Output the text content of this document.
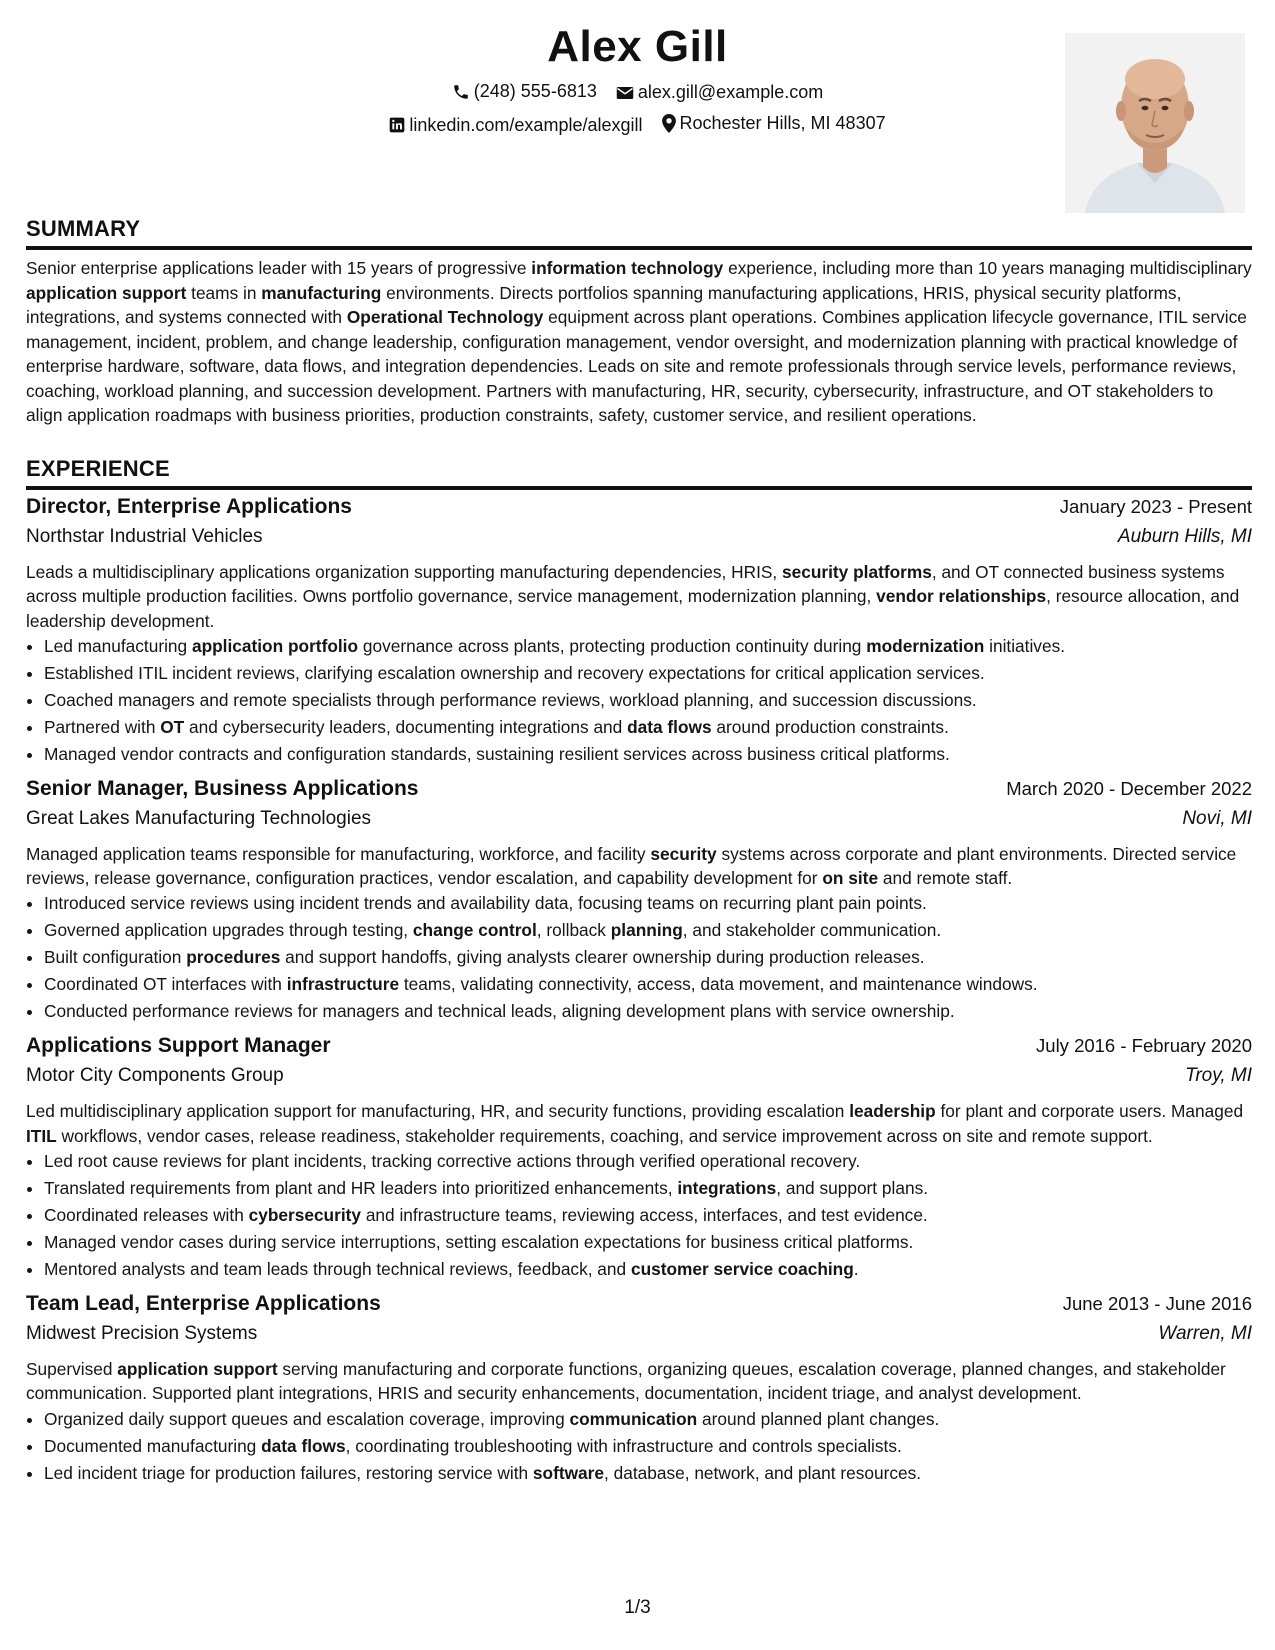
Alex Gill
(248) 555-6813
alex.gill@example.com
linkedin.com/example/alexgill
Rochester Hills, MI 48307
SUMMARY

Senior enterprise applications leader with 15 years of progressive information technology experience, including more than 10 years managing multidisciplinary application support teams in manufacturing environments. Directs portfolios spanning manufacturing applications, HRIS, physical security platforms, integrations, and systems connected with Operational Technology equipment across plant operations. Combines application lifecycle governance, ITIL service management, incident, problem, and change leadership, configuration management, vendor oversight, and modernization planning with practical knowledge of enterprise hardware, software, data flows, and integration dependencies. Leads on site and remote professionals through service levels, performance reviews, coaching, workload planning, and succession development. Partners with manufacturing, HR, security, cybersecurity, infrastructure, and OT stakeholders to align application roadmaps with business priorities, production constraints, safety, customer service, and resilient operations.

EXPERIENCE
Director, Enterprise Applications	January 2023 - Present
Northstar Industrial Vehicles	Auburn Hills, MI

Leads a multidisciplinary applications organization supporting manufacturing dependencies, HRIS, security platforms, and OT connected business systems across multiple production facilities. Owns portfolio governance, service management, modernization planning, vendor relationships, resource allocation, and leadership development.

• Led manufacturing application portfolio governance across plants, protecting production continuity during modernization initiatives.
• Established ITIL incident reviews, clarifying escalation ownership and recovery expectations for critical application services.
• Coached managers and remote specialists through performance reviews, workload planning, and succession discussions.
• Partnered with OT and cybersecurity leaders, documenting integrations and data flows around production constraints.
• Managed vendor contracts and configuration standards, sustaining resilient services across business critical platforms.
Senior Manager, Business Applications	March 2020 - December 2022
Great Lakes Manufacturing Technologies	Novi, MI

Managed application teams responsible for manufacturing, workforce, and facility security systems across corporate and plant environments. Directed service reviews, release governance, configuration practices, vendor escalation, and capability development for on site and remote staff.

• Introduced service reviews using incident trends and availability data, focusing teams on recurring plant pain points.
• Governed application upgrades through testing, change control, rollback planning, and stakeholder communication.
• Built configuration procedures and support handoffs, giving analysts clearer ownership during production releases.
• Coordinated OT interfaces with infrastructure teams, validating connectivity, access, data movement, and maintenance windows.
• Conducted performance reviews for managers and technical leads, aligning development plans with service ownership.
Applications Support Manager	July 2016 - February 2020
Motor City Components Group	Troy, MI

Led multidisciplinary application support for manufacturing, HR, and security functions, providing escalation leadership for plant and corporate users. Managed ITIL workflows, vendor cases, release readiness, stakeholder requirements, coaching, and service improvement across on site and remote support.

• Led root cause reviews for plant incidents, tracking corrective actions through verified operational recovery.
• Translated requirements from plant and HR leaders into prioritized enhancements, integrations, and support plans.
• Coordinated releases with cybersecurity and infrastructure teams, reviewing access, interfaces, and test evidence.
• Managed vendor cases during service interruptions, setting escalation expectations for business critical platforms.
• Mentored analysts and team leads through technical reviews, feedback, and customer service coaching.
Team Lead, Enterprise Applications	June 2013 - June 2016
Midwest Precision Systems	Warren, MI

Supervised application support serving manufacturing and corporate functions, organizing queues, escalation coverage, planned changes, and stakeholder communication. Supported plant integrations, HRIS and security enhancements, documentation, incident triage, and analyst development.

• Organized daily support queues and escalation coverage, improving communication around planned plant changes.
• Documented manufacturing data flows, coordinating troubleshooting with infrastructure and controls specialists.
• Led incident triage for production failures, restoring service with software, database, network, and plant resources.
1/3
